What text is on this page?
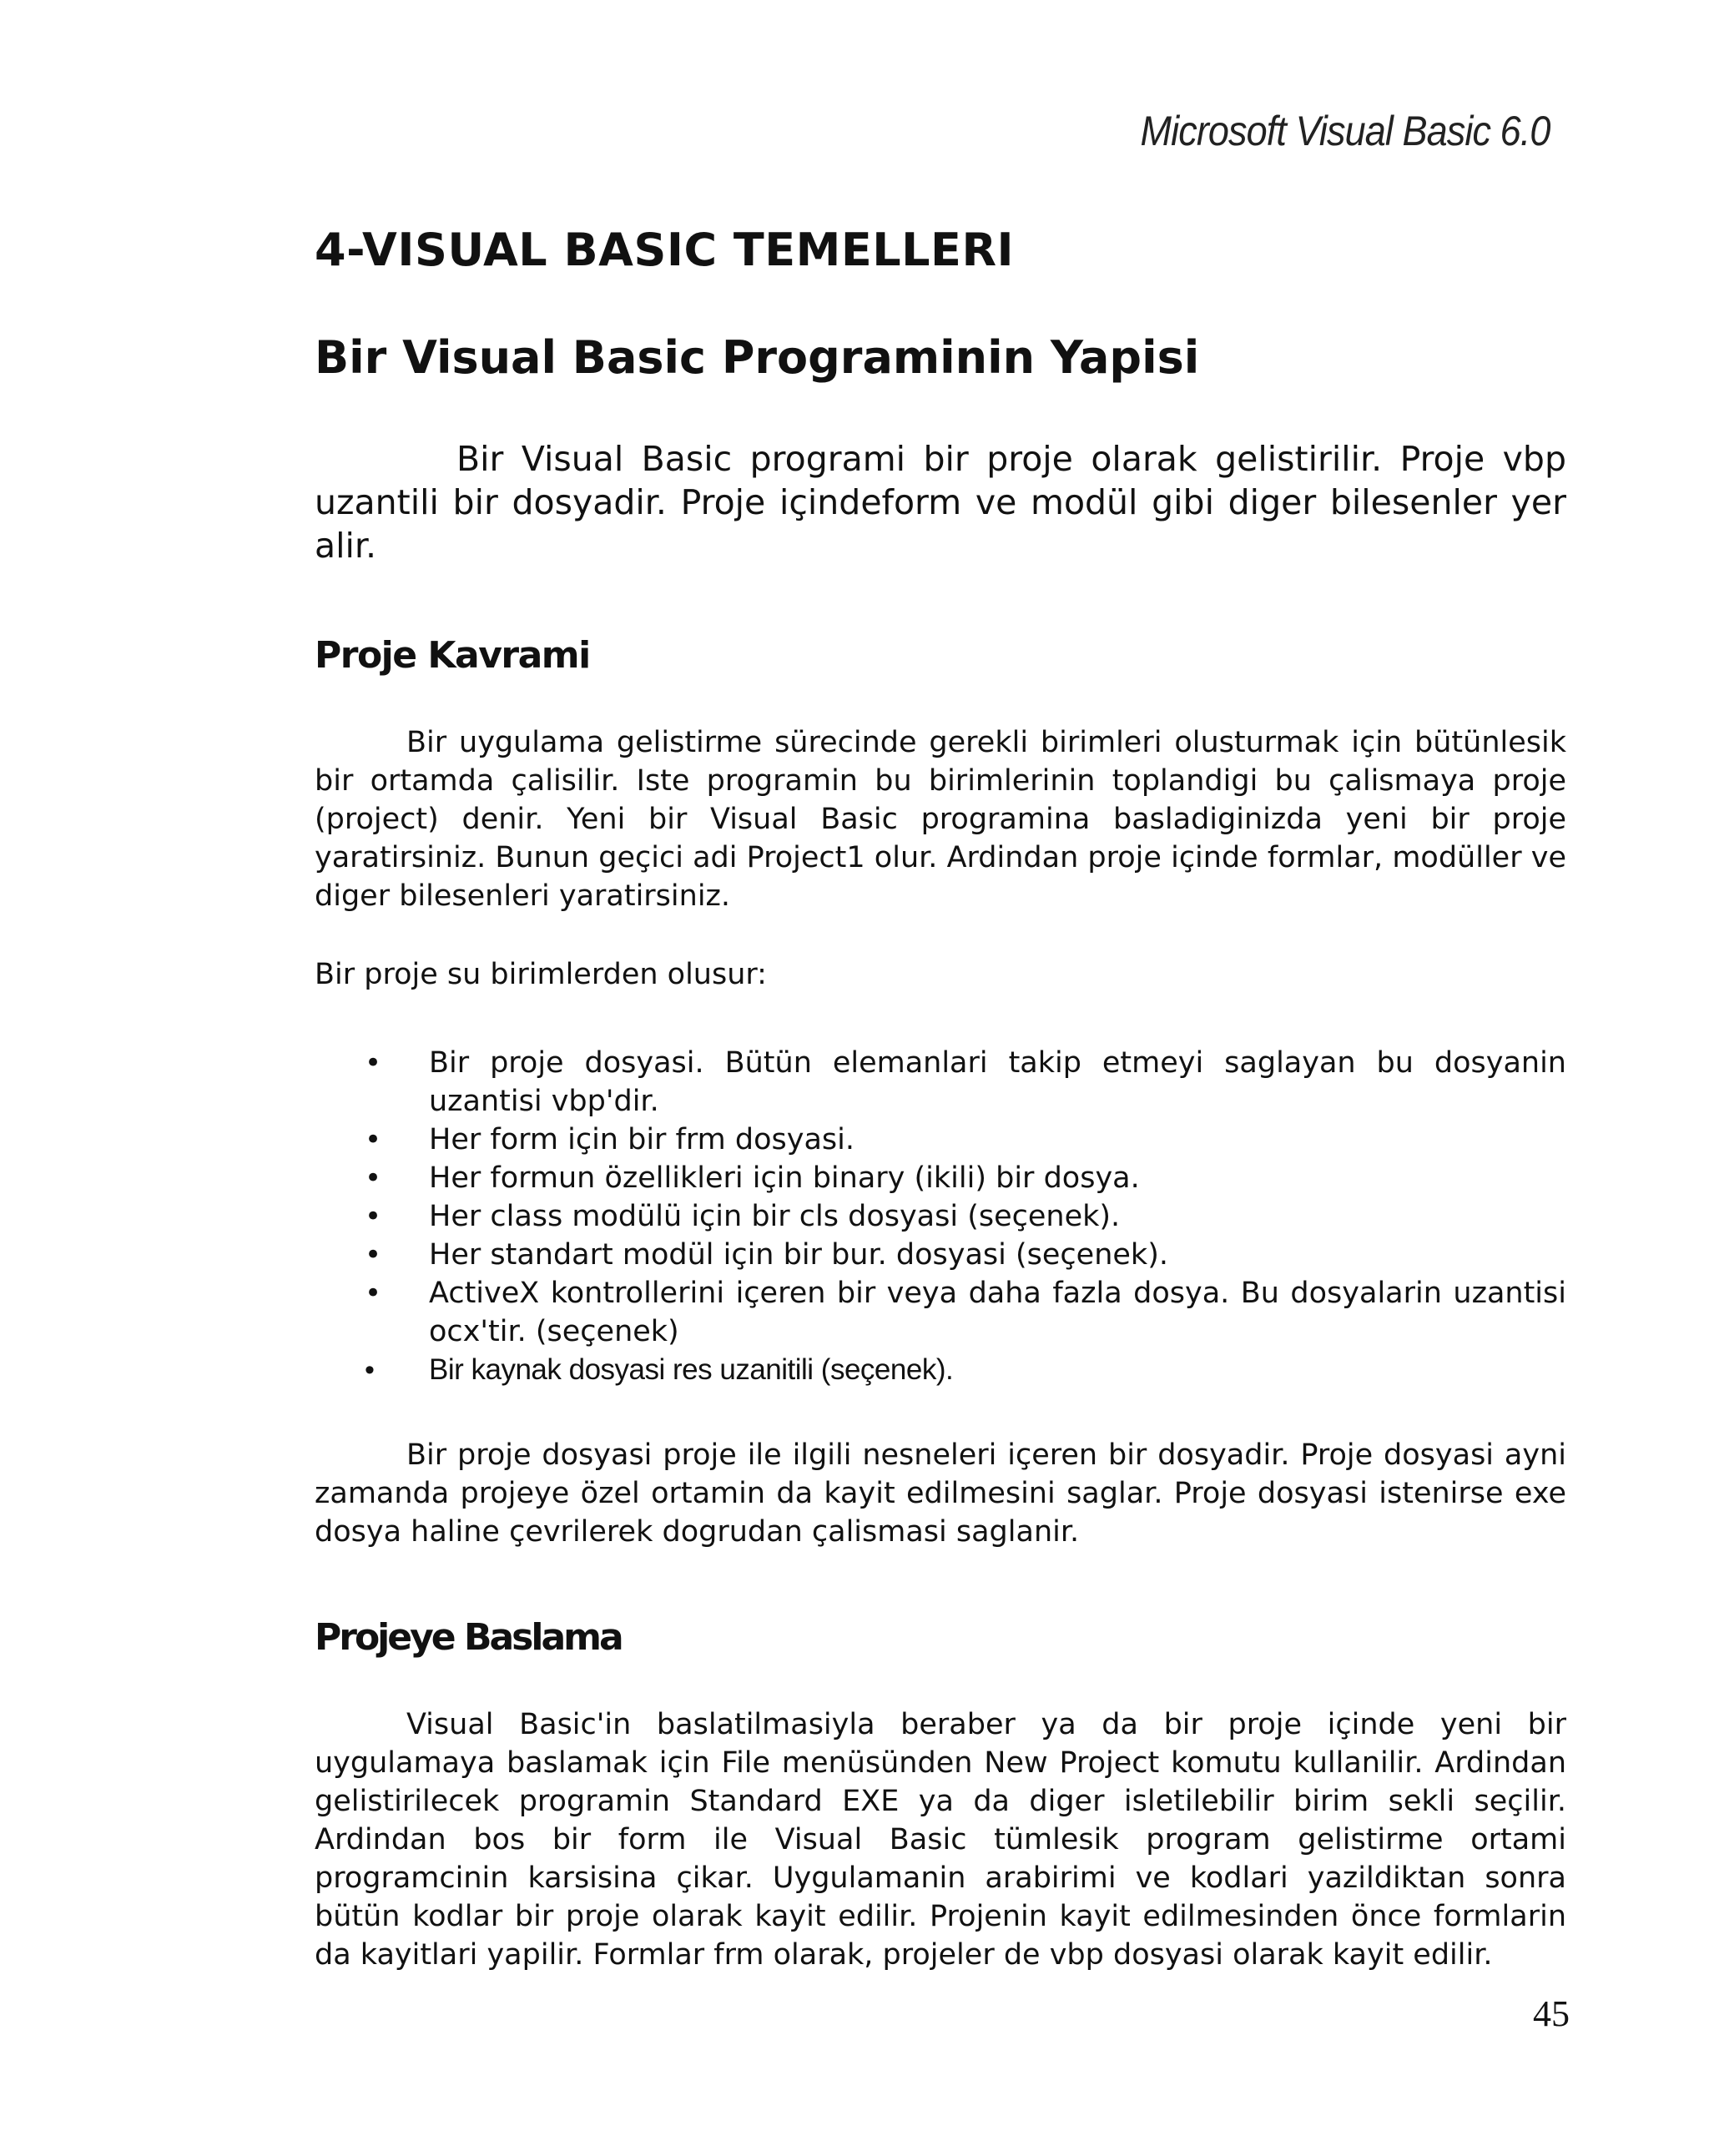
Microsoft Visual Basic 6.0
4-VISUAL BASIC TEMELLERI
Bir Visual Basic Programinin Yapisi

Bir Visual Basic programi bir proje olarak gelistirilir. Proje vbp uzantili bir dosyadir. Proje içindeform ve modül gibi diger bilesenler yer alir.

Proje Kavrami

Bir uygulama gelistirme sürecinde gerekli birimleri olusturmak için bütünlesik bir ortamda çalisilir. Iste programin bu birimlerinin toplandigi bu çalismaya proje (project) denir. Yeni bir Visual Basic programina basladiginizda yeni bir proje yaratirsiniz. Bunun geçici adi Project1 olur. Ardindan proje içinde formlar, modüller ve diger bilesenleri yaratirsiniz.

Bir proje su birimlerden olusur:

• Bir proje dosyasi. Bütün elemanlari takip etmeyi saglayan bu dosyanin uzantisi vbp'dir.
• Her form için bir frm dosyasi.
• Her formun özellikleri için binary (ikili) bir dosya.
• Her class modülü için bir cls dosyasi (seçenek).
• Her standart modül için bir bur. dosyasi (seçenek).
• ActiveX kontrollerini içeren bir veya daha fazla dosya. Bu dosyalarin uzantisi ocx'tir. (seçenek)
• Bir kaynak dosyasi res uzanitili (seçenek).

Bir proje dosyasi proje ile ilgili nesneleri içeren bir dosyadir. Proje dosyasi ayni zamanda projeye özel ortamin da kayit edilmesini saglar. Proje dosyasi istenirse exe dosya haline çevrilerek dogrudan çalismasi saglanir.

Projeye Baslama

Visual Basic'in baslatilmasiyla beraber ya da bir proje içinde yeni bir uygulamaya baslamak için File menüsünden New Project komutu kullanilir. Ardindan gelistirilecek programin Standard EXE ya da diger isletilebilir birim sekli seçilir. Ardindan bos bir form ile Visual Basic tümlesik program gelistirme ortami programcinin karsisina çikar. Uygulamanin arabirimi ve kodlari yazildiktan sonra bütün kodlar bir proje olarak kayit edilir. Projenin kayit edilmesinden önce formlarin da kayitlari yapilir. Formlar frm olarak, projeler de vbp dosyasi olarak kayit edilir.

45
